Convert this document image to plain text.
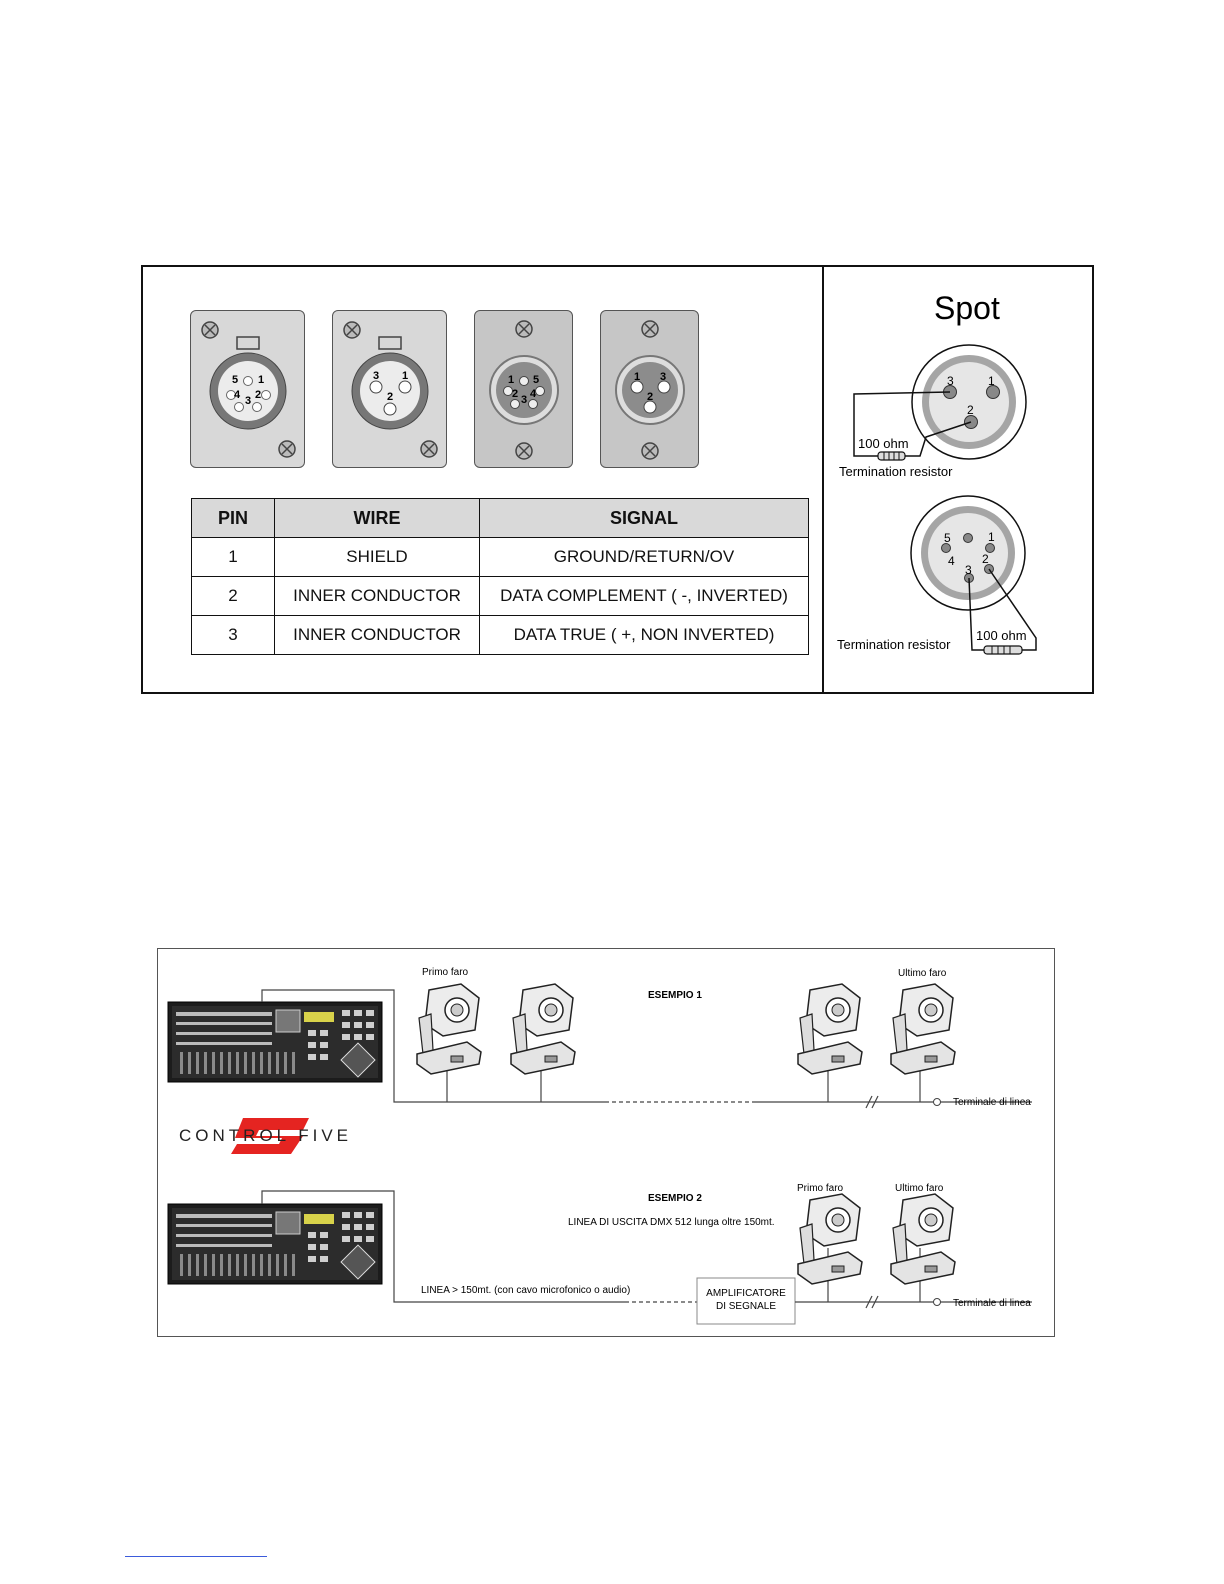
5 1
4 3 2
3 1
2
1 5
2 3 4
1 3
2
PIN	WIRE	SIGNAL
1	SHIELD	GROUND/RETURN/OV
2	INNER CONDUCTOR	DATA COMPLEMENT ( -, INVERTED)
3	INNER CONDUCTOR	DATA TRUE ( +, NON INVERTED)
Spot
3	1
2
100 ohm
Termination resistor
5	1
4 2
3
100 ohm
Termination resistor
Primo faro	Ultimo faro
ESEMPIO 1
Terminale di linea
CONTROL FIVE
AMPLIFICATORE
DI SEGNALE
Primo faro	Ultimo faro
ESEMPIO 2
LINEA DI USCITA DMX 512 lunga oltre 150mt.
LINEA > 150mt. (con cavo microfonico o audio)
Terminale di linea
